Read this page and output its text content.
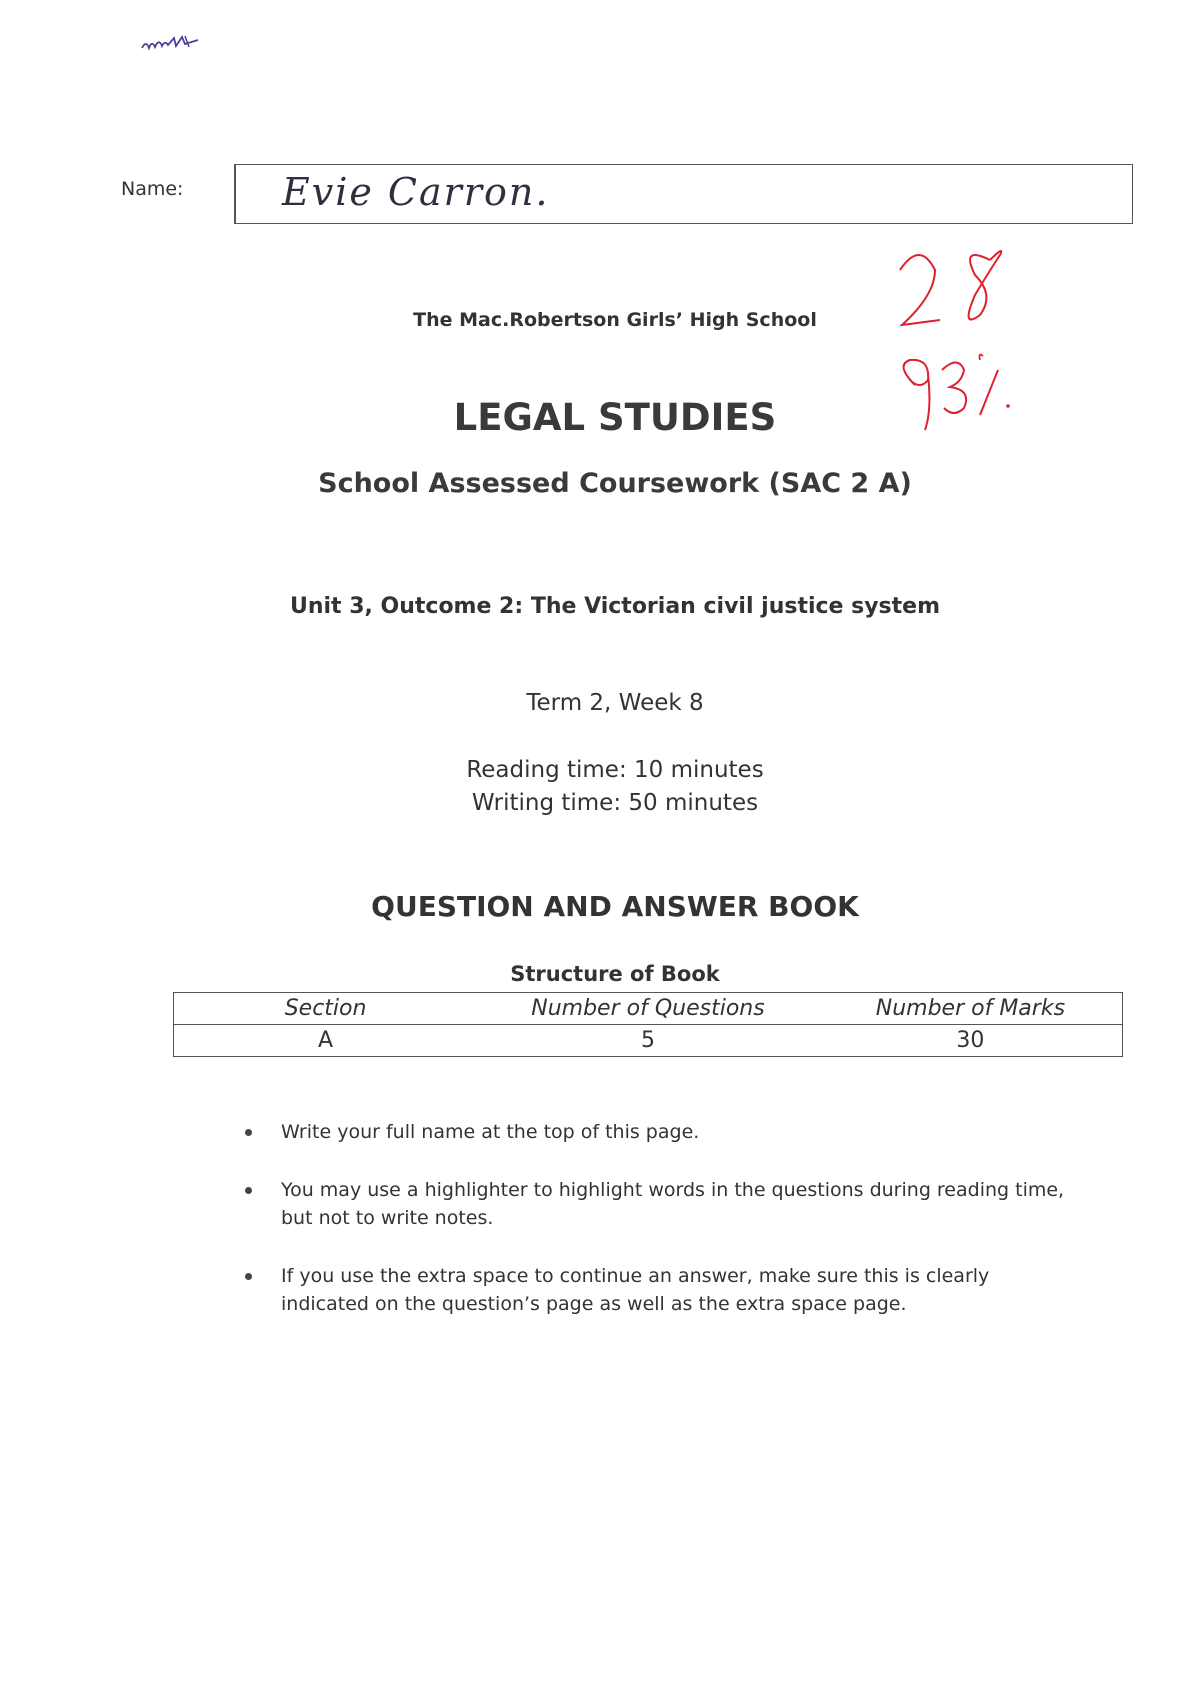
Name:	Evie Carron.
The Mac.Robertson Girls’ High School
LEGAL STUDIES
School Assessed Coursework (SAC 2 A)
Unit 3, Outcome 2: The Victorian civil justice system
Term 2, Week 8
Reading time: 10 minutes
Writing time: 50 minutes
QUESTION AND ANSWER BOOK
Structure of Book
Section	Number of Questions	Number of Marks
A	5	30
Write your full name at the top of this page.
You may use a highlighter to highlight words in the questions during reading time, but not to write notes.
If you use the extra space to continue an answer, make sure this is clearly indicated on the question’s page as well as the extra space page.
